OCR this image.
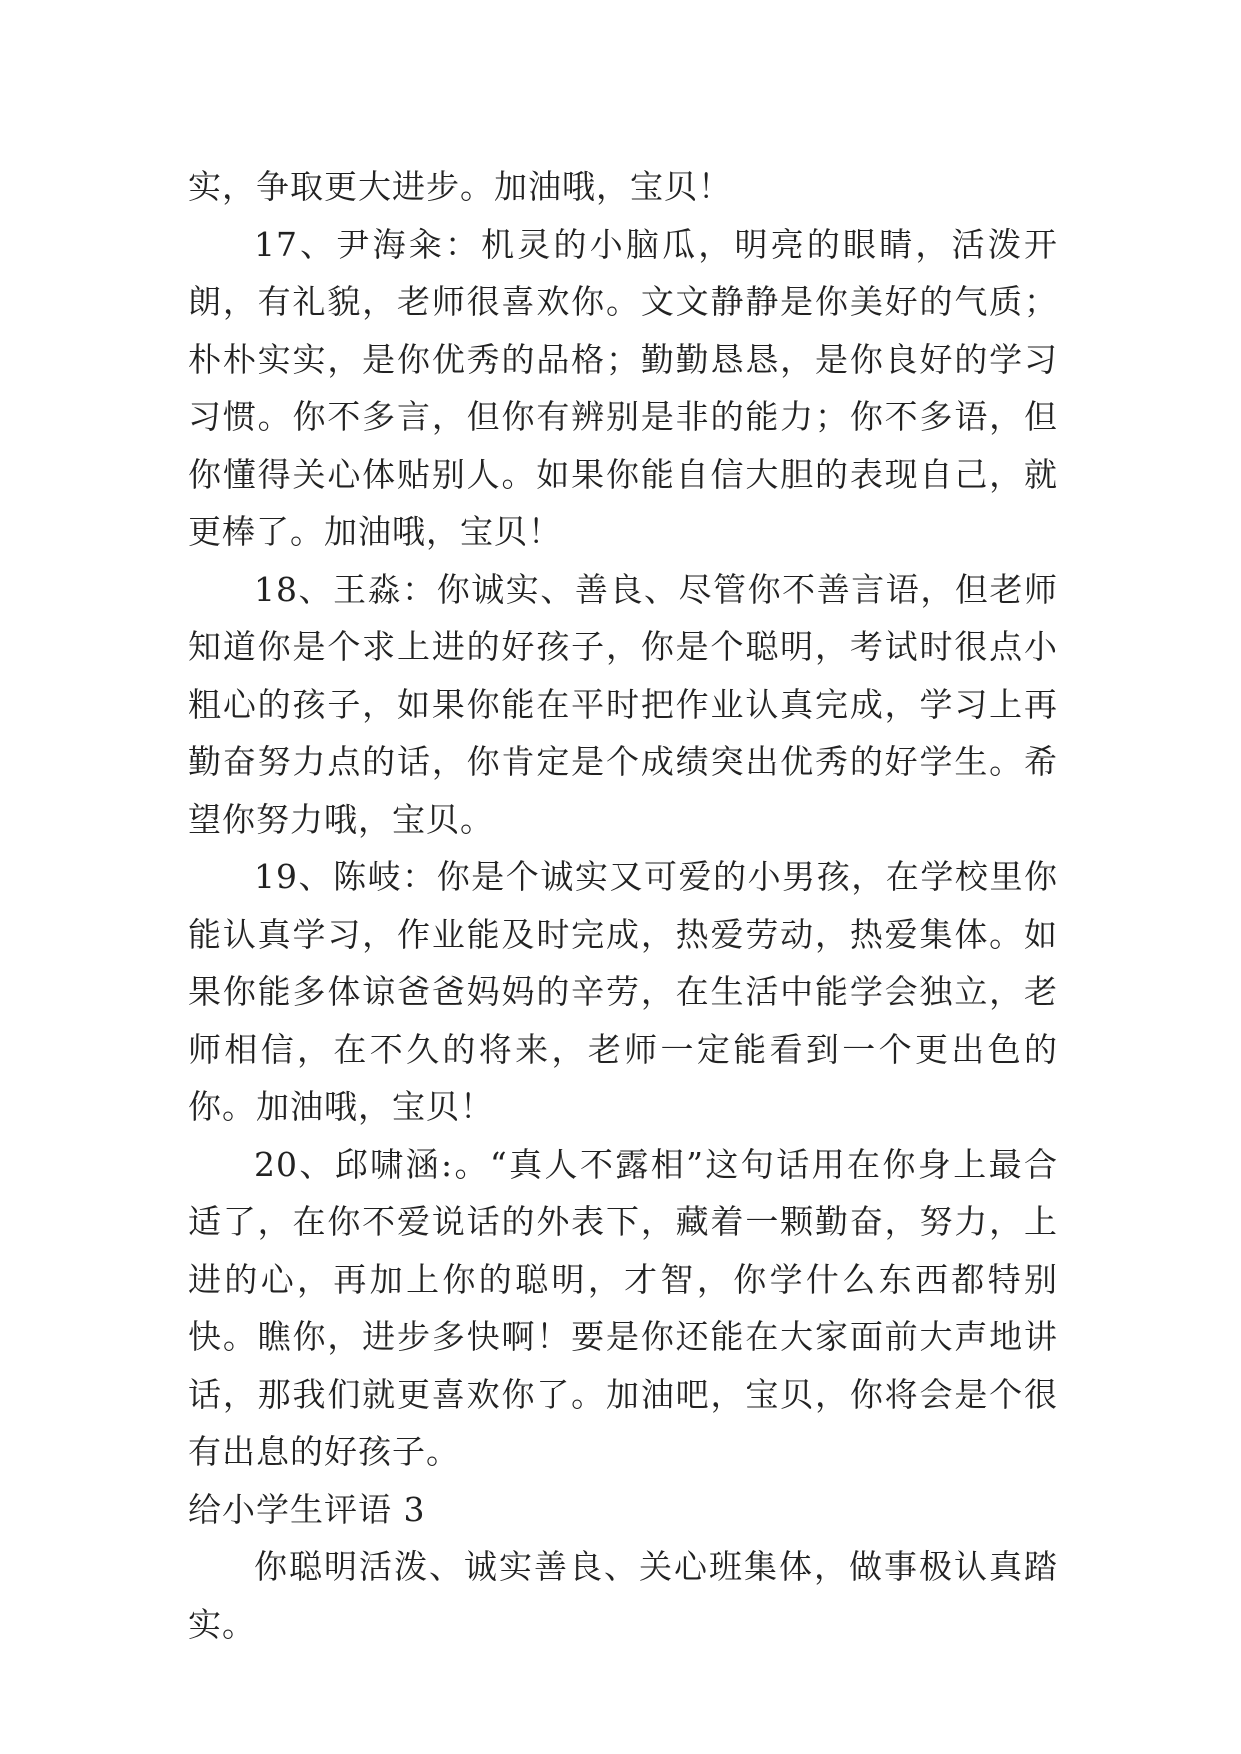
实，争取更大进步。加油哦，宝贝！

17、尹海籴：机灵的小脑瓜，明亮的眼睛，活泼开朗，有礼貌，老师很喜欢你。文文静静是你美好的气质；朴朴实实，是你优秀的品格；勤勤恳恳，是你良好的学习习惯。你不多言，但你有辨别是非的能力；你不多语，但你懂得关心体贴别人。如果你能自信大胆的表现自己，就更棒了。加油哦，宝贝！

18、王淼：你诚实、善良、尽管你不善言语，但老师知道你是个求上进的好孩子，你是个聪明，考试时很点小粗心的孩子，如果你能在平时把作业认真完成，学习上再勤奋努力点的话，你肯定是个成绩突出优秀的好学生。希望你努力哦，宝贝。

19、陈岐：你是个诚实又可爱的小男孩，在学校里你能认真学习，作业能及时完成，热爱劳动，热爱集体。如果你能多体谅爸爸妈妈的辛劳，在生活中能学会独立，老师相信，在不久的将来，老师一定能看到一个更出色的你。加油哦，宝贝！

20、邱啸涵:。“真人不露相”这句话用在你身上最合适了，在你不爱说话的外表下，藏着一颗勤奋，努力，上进的心，再加上你的聪明，才智，你学什么东西都特别快。瞧你，进步多快啊！要是你还能在大家面前大声地讲话，那我们就更喜欢你了。加油吧，宝贝，你将会是个很有出息的好孩子。

给小学生评语 3

你聪明活泼、诚实善良、关心班集体，做事极认真踏实。
